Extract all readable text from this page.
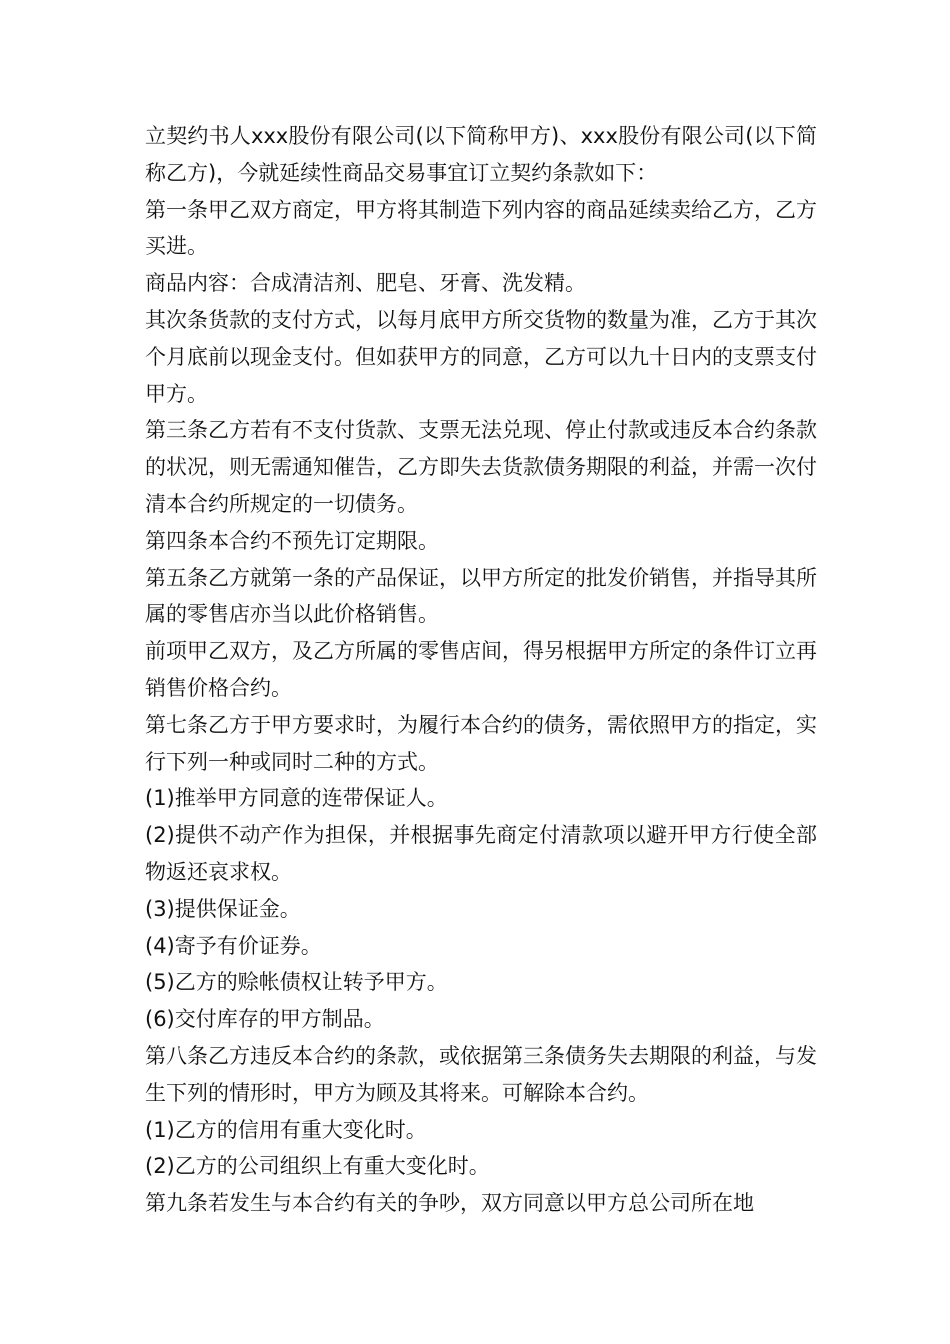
立契约书人xxx股份有限公司(以下简称甲方)、xxx股份有限公司(以下简称乙方)，今就延续性商品交易事宜订立契约条款如下：

第一条甲乙双方商定，甲方将其制造下列内容的商品延续卖给乙方，乙方买进。

商品内容：合成清洁剂、肥皂、牙膏、洗发精。

其次条货款的支付方式，以每月底甲方所交货物的数量为准，乙方于其次个月底前以现金支付。但如获甲方的同意，乙方可以九十日内的支票支付甲方。

第三条乙方若有不支付货款、支票无法兑现、停止付款或违反本合约条款的状况，则无需通知催告，乙方即失去货款债务期限的利益，并需一次付清本合约所规定的一切债务。

第四条本合约不预先订定期限。

第五条乙方就第一条的产品保证，以甲方所定的批发价销售，并指导其所属的零售店亦当以此价格销售。

前项甲乙双方，及乙方所属的零售店间，得另根据甲方所定的条件订立再销售价格合约。

第七条乙方于甲方要求时，为履行本合约的债务，需依照甲方的指定，实行下列一种或同时二种的方式。

(1)推举甲方同意的连带保证人。

(2)提供不动产作为担保，并根据事先商定付清款项以避开甲方行使全部物返还哀求权。

(3)提供保证金。

(4)寄予有价证券。

(5)乙方的赊帐债权让转予甲方。

(6)交付库存的甲方制品。

第八条乙方违反本合约的条款，或依据第三条债务失去期限的利益，与发生下列的情形时，甲方为顾及其将来。可解除本合约。

(1)乙方的信用有重大变化时。

(2)乙方的公司组织上有重大变化时。

第九条若发生与本合约有关的争吵，双方同意以甲方总公司所在地
